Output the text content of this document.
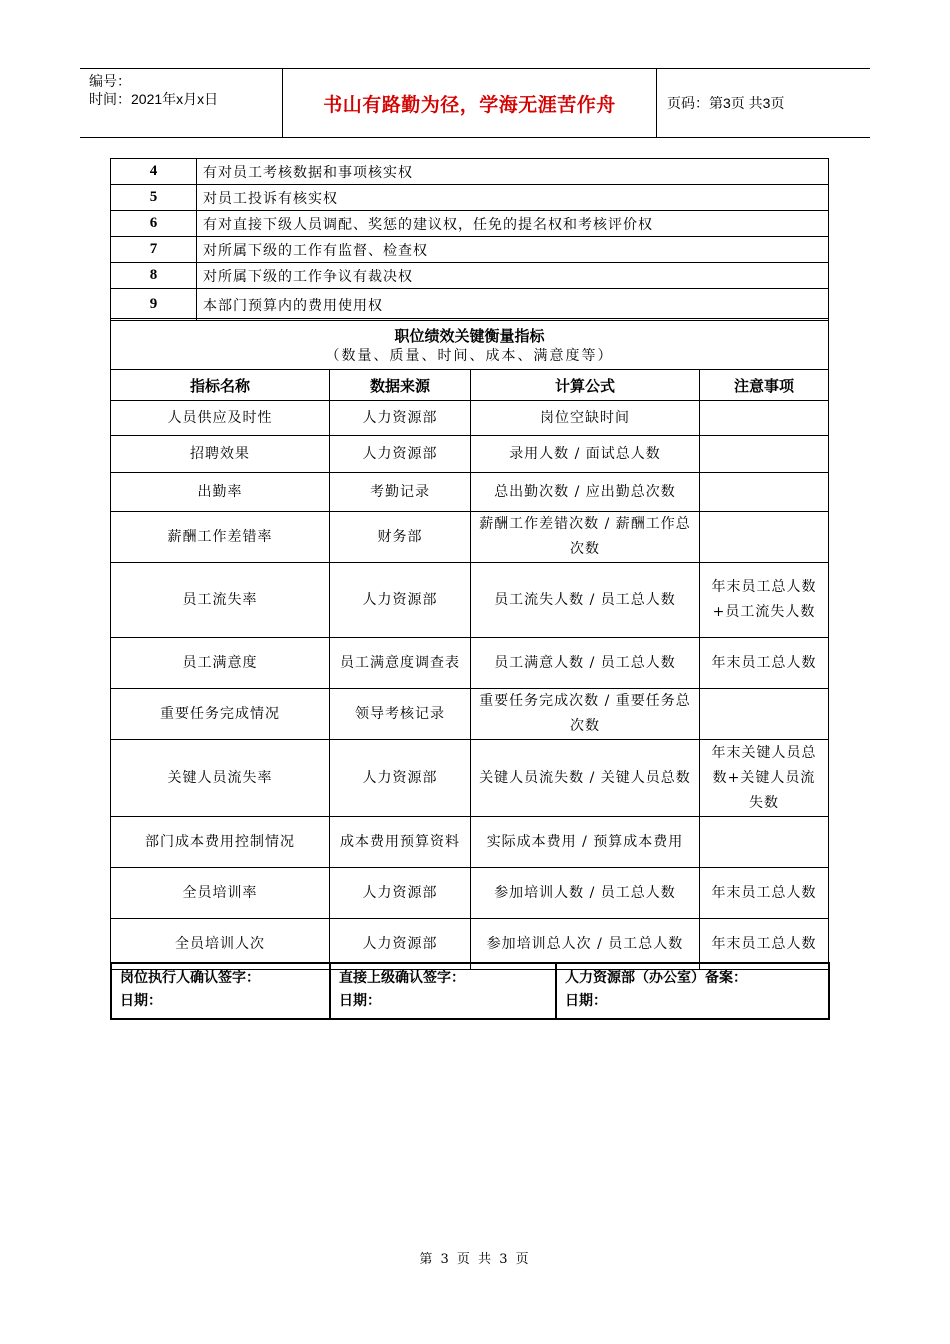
编号：
时间：2021年x月x日	书山有路勤为径，学海无涯苦作舟	页码：第3页 共3页
4	有对员工考核数据和事项核实权
5	对员工投诉有核实权
6	有对直接下级人员调配、奖惩的建议权，任免的提名权和考核评价权
7	对所属下级的工作有监督、检查权
8	对所属下级的工作争议有裁决权
9	本部门预算内的费用使用权
职位绩效关键衡量指标
（数量、质量、时间、成本、满意度等）			

指标名称	数据来源	计算公式	注意事项
人员供应及时性	人力资源部	岗位空缺时间	
招聘效果	人力资源部	录用人数 / 面试总人数	
出勤率	考勤记录	总出勤次数 / 应出勤总次数	
薪酬工作差错率	财务部	薪酬工作差错次数 / 薪酬工作总次数	
员工流失率	人力资源部	员工流失人数 / 员工总人数	年末员工总人数+员工流失人数
员工满意度	员工满意度调查表	员工满意人数 / 员工总人数	年末员工总人数
重要任务完成情况	领导考核记录	重要任务完成次数 / 重要任务总次数	
关键人员流失率	人力资源部	关键人员流失数 / 关键人员总数	年末关键人员总数+关键人员流失数
部门成本费用控制情况	成本费用预算资料	实际成本费用 / 预算成本费用	
全员培训率	人力资源部	参加培训人数 / 员工总人数	年末员工总人数
全员培训人次	人力资源部	参加培训总人次 / 员工总人数	年末员工总人数
岗位执行人确认签字：
日期：

直接上级确认签字：
日期：

人力资源部（办公室）备案：
日期：
第 3 页 共 3 页
